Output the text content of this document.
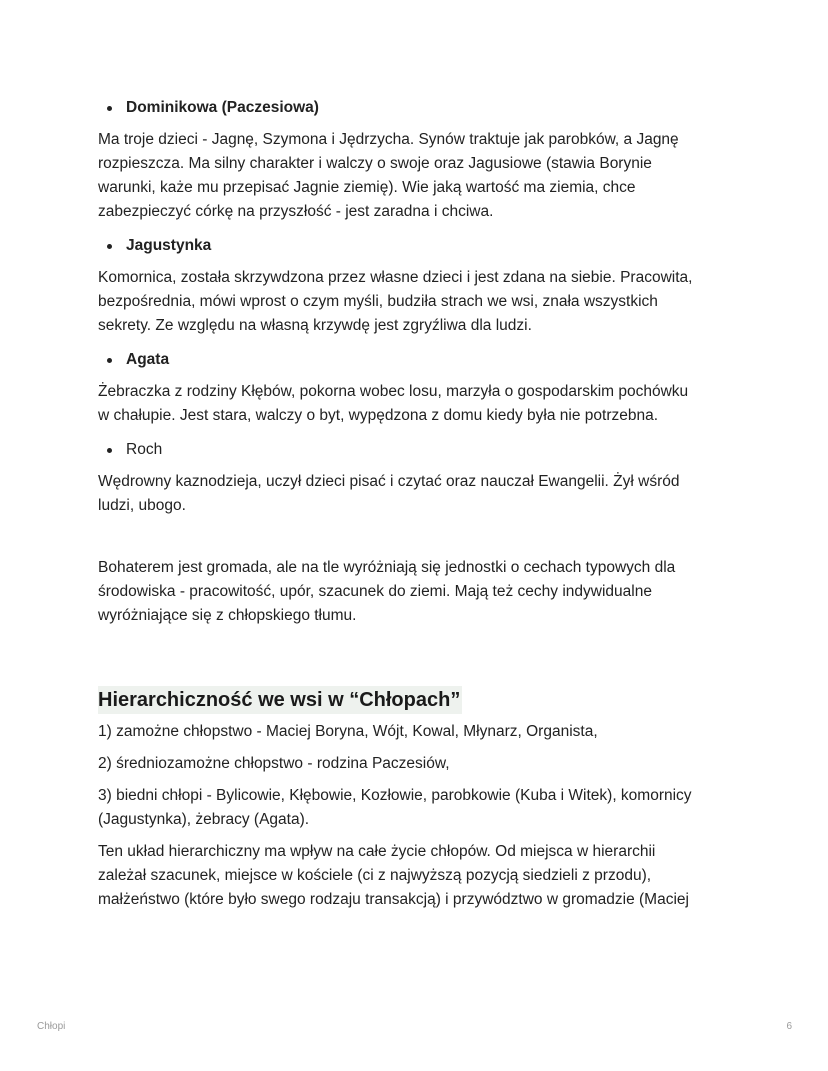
Dominikowa (Paczesiowa)

Ma troje dzieci - Jagnę, Szymona i Jędrzycha. Synów traktuje jak parobków, a Jagnę
rozpieszcza. Ma silny charakter i walczy o swoje oraz Jagusiowe (stawia Borynie
warunki, każe mu przepisać Jagnie ziemię). Wie jaką wartość ma ziemia, chce
zabezpieczyć córkę na przyszłość - jest zaradna i chciwa.

Jagustynka

Komornica, została skrzywdzona przez własne dzieci i jest zdana na siebie. Pracowita,
bezpośrednia, mówi wprost o czym myśli, budziła strach we wsi, znała wszystkich
sekrety. Ze względu na własną krzywdę jest zgryźliwa dla ludzi.

Agata

Żebraczka z rodziny Kłębów, pokorna wobec losu, marzyła o gospodarskim pochówku
w chałupie. Jest stara, walczy o byt, wypędzona z domu kiedy była nie potrzebna.

Roch

Wędrowny kaznodzieja, uczył dzieci pisać i czytać oraz nauczał Ewangelii. Żył wśród
ludzi, ubogo.

Bohaterem jest gromada, ale na tle wyróżniają się jednostki o cechach typowych dla
środowiska - pracowitość, upór, szacunek do ziemi. Mają też cechy indywidualne
wyróżniające się z chłopskiego tłumu.

Hierarchiczność we wsi w “Chłopach”

1) zamożne chłopstwo - Maciej Boryna, Wójt, Kowal, Młynarz, Organista,

2) średniozamożne chłopstwo - rodzina Paczesiów,

3) biedni chłopi - Bylicowie, Kłębowie, Kozłowie, parobkowie (Kuba i Witek), komornicy
(Jagustynka), żebracy (Agata).

Ten układ hierarchiczny ma wpływ na całe życie chłopów. Od miejsca w hierarchii
zależał szacunek, miejsce w kościele (ci z najwyższą pozycją siedzieli z przodu),
małżeństwo (które było swego rodzaju transakcją) i przywództwo w gromadzie (Maciej

Chłopi	6
